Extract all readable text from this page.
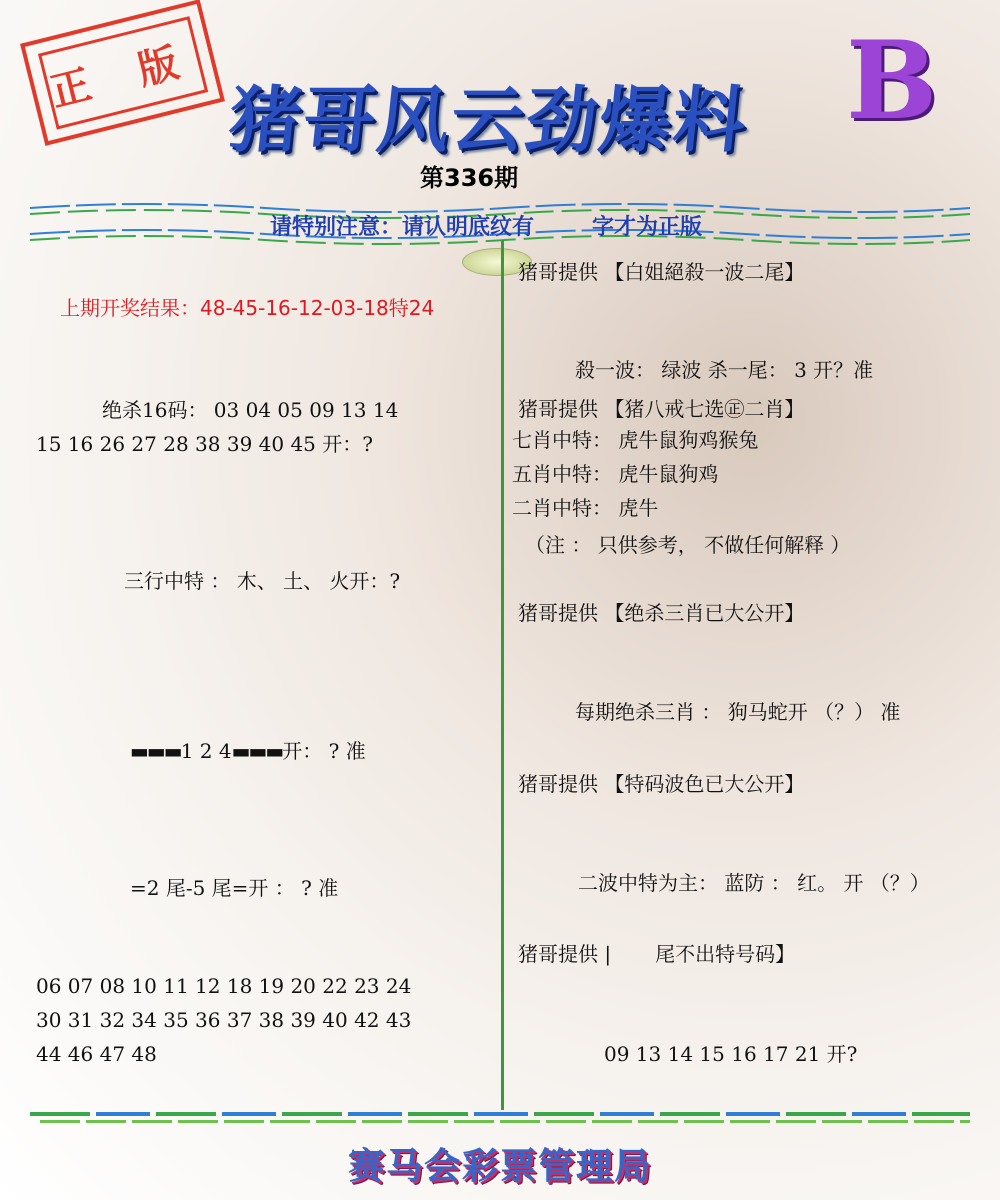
正 版
猪哥风云劲爆料 B
第336期
请特别注意：请认明底纹有	字才为正版
上期开奖结果：48-45-16-12-03-18特24
绝杀16码： 03 04 05 09 13 14
15 16 26 27 28 38 39 40 45 开：?
三行中特 ： 木、 土、 火开：?
▬▬▬1 2 4▬▬▬开： ? 准
=2 尾-5 尾=开 ： ? 准
06 07 08 10 11 12 18 19 20 22 23 24
30 31 32 34 35 36 37 38 39 40 42 43
44 46 47 48
猪哥提供 【白姐絕殺一波二尾】
殺一波： 绿波 杀一尾： 3 开？准
猪哥提供 【猪八戒七选㊣二肖】
七肖中特： 虎牛鼠狗鸡猴兔
五肖中特： 虎牛鼠狗鸡
二肖中特： 虎牛
（注 ： 只供参考， 不做任何解释 ）
猪哥提供 【绝杀三肖已大公开】
每期绝杀三肖 ： 狗马蛇开 （？） 准
猪哥提供 【特码波色已大公开】
二波中特为主： 蓝防 ： 红。 开 （？）
猪哥提供 | 尾不出特号码】
09 13 14 15 16 17 21 开?
赛马会彩票管理局
